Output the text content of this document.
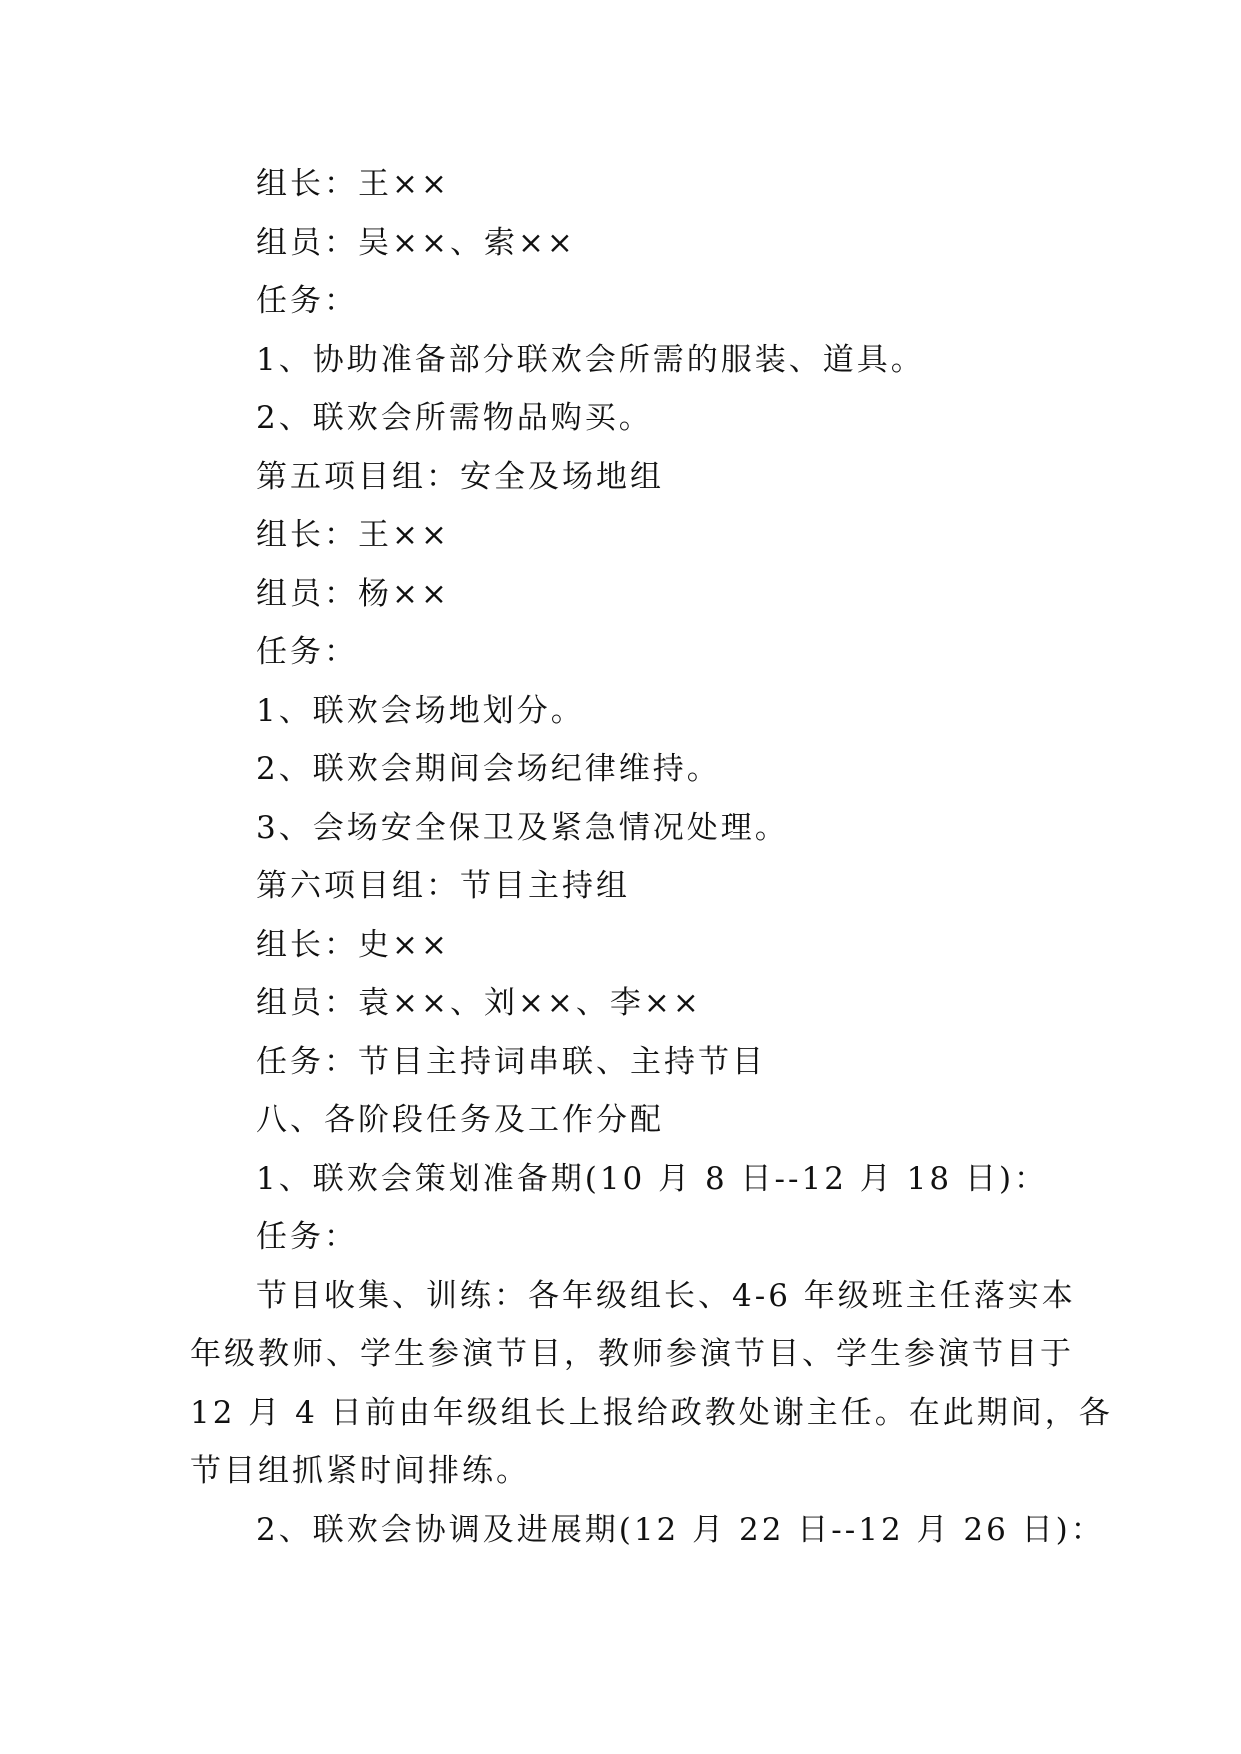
组长：王××
组员：吴××、索××
任务：
1、协助准备部分联欢会所需的服装、道具。
2、联欢会所需物品购买。
第五项目组：安全及场地组
组长：王××
组员：杨××
任务：
1、联欢会场地划分。
2、联欢会期间会场纪律维持。
3、会场安全保卫及紧急情况处理。
第六项目组：节目主持组
组长：史××
组员：袁××、刘××、李××
任务：节目主持词串联、主持节目
八、各阶段任务及工作分配
1、联欢会策划准备期(10 月 8 日--12 月 18 日)：
任务：
节目收集、训练：各年级组长、4-6 年级班主任落实本
年级教师、学生参演节目，教师参演节目、学生参演节目于
12 月 4 日前由年级组长上报给政教处谢主任。在此期间，各
节目组抓紧时间排练。
2、联欢会协调及进展期(12 月 22 日--12 月 26 日)：
